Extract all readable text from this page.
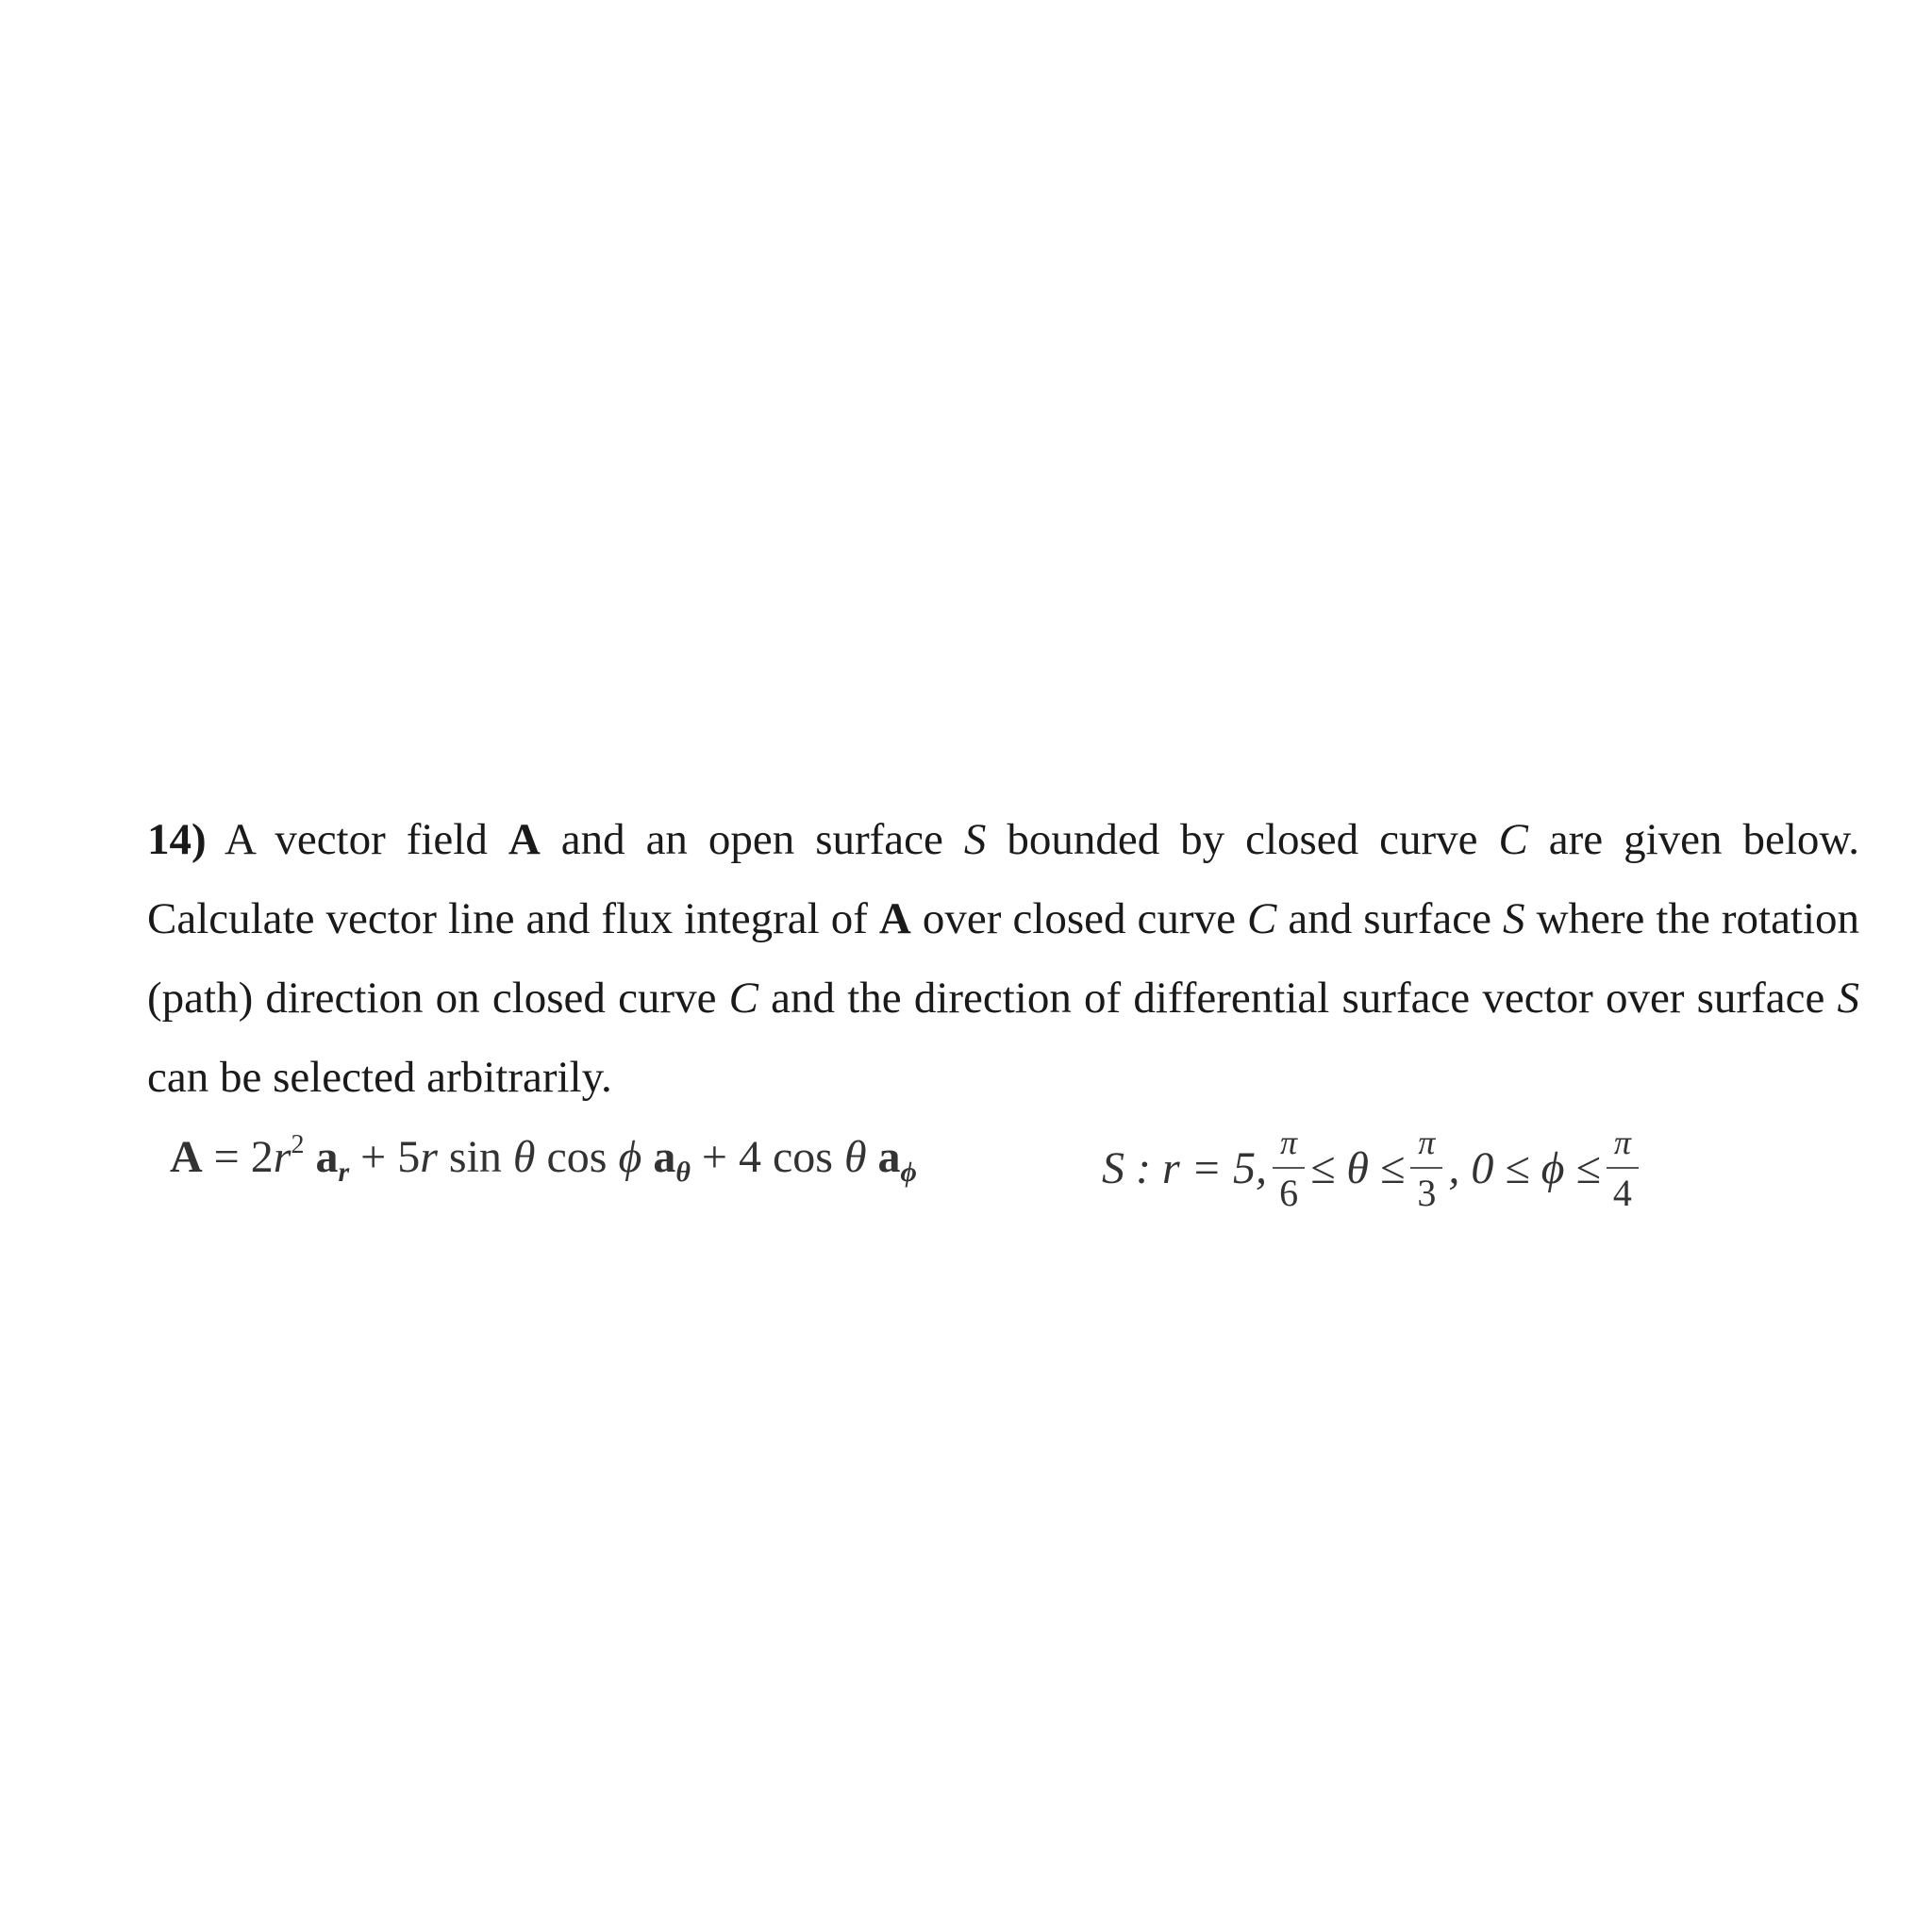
14) A vector field A and an open surface S bounded by closed curve C are given below.
Calculate vector line and flux integral of A over closed curve C and surface S where the rotation (path) direction on closed curve C and the direction of differential surface vector over surface S can be selected arbitrarily.

$A = 2r^2$ $a_r + 5r$ sin θ cos ϕ $a_\theta + 4$ cos θ $a_\phi$	S : r = 5, $\frac{\pi}{6} \le \theta \le \frac{\pi}{3}$ , $0 \le \phi \le \frac{\pi}{4}$
